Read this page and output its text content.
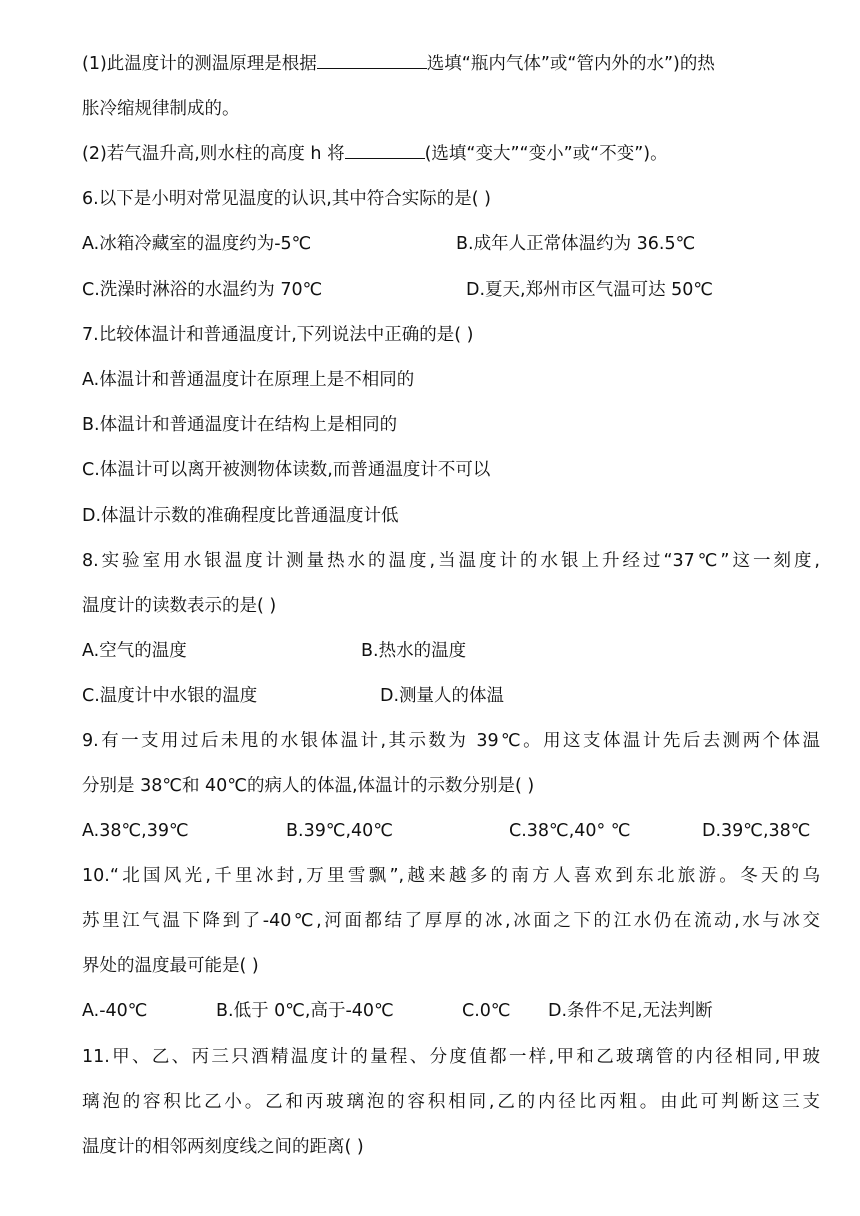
(1)此温度计的测温原理是根据	选填“瓶内气体”或“管内外的水”)的热
胀冷缩规律制成的。
(2)若气温升高,则水柱的高度 h 将	(选填“变大”“变小”或“不变”)。
6.以下是小明对常见温度的认识,其中符合实际的是( )
A.冰箱冷藏室的温度约为-5℃	B.成年人正常体温约为 36.5℃
C.洗澡时淋浴的水温约为 70℃	D.夏天,郑州市区气温可达 50℃
7.比较体温计和普通温度计,下列说法中正确的是( )
A.体温计和普通温度计在原理上是不相同的
B.体温计和普通温度计在结构上是相同的
C.体温计可以离开被测物体读数,而普通温度计不可以
D.体温计示数的准确程度比普通温度计低
8.实验室用水银温度计测量热水的温度,当温度计的水银上升经过“37℃”这一刻度,
温度计的读数表示的是( )
A.空气的温度	B.热水的温度
C.温度计中水银的温度	D.测量人的体温
9.有一支用过后未甩的水银体温计,其示数为 39℃。用这支体温计先后去测两个体温
分别是 38℃和 40℃的病人的体温,体温计的示数分别是( )
A.38℃,39℃	B.39℃,40℃	C.38℃,40° ℃	D.39℃,38℃
10.“北国风光,千里冰封,万里雪飘”,越来越多的南方人喜欢到东北旅游。冬天的乌
苏里江气温下降到了-40℃,河面都结了厚厚的冰,冰面之下的江水仍在流动,水与冰交
界处的温度最可能是( )
A.-40℃	B.低于 0℃,高于-40℃	C.0℃ D.条件不足,无法判断
11.甲、乙、丙三只酒精温度计的量程、分度值都一样,甲和乙玻璃管的内径相同,甲玻
璃泡的容积比乙小。乙和丙玻璃泡的容积相同,乙的内径比丙粗。由此可判断这三支
温度计的相邻两刻度线之间的距离( )
